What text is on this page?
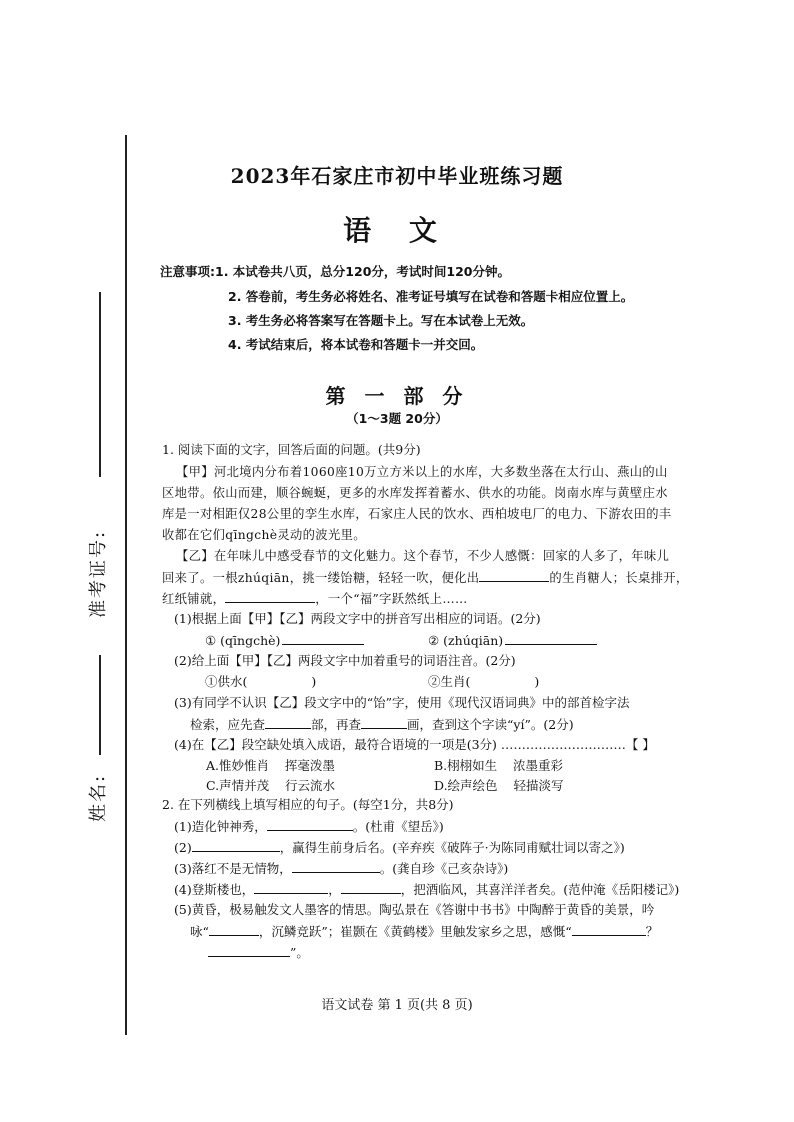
准考证号:
姓名:
2023年石家庄市初中毕业班练习题
语 文
注意事项:1. 本试卷共八页，总分120分，考试时间120分钟。
2. 答卷前，考生务必将姓名、准考证号填写在试卷和答题卡相应位置上。
3. 考生务必将答案写在答题卡上。写在本试卷上无效。
4. 考试结束后，将本试卷和答题卡一并交回。
第 一 部 分
（1～3题 20分）
1. 阅读下面的文字，回答后面的问题。(共9分)
【甲】河北境内分布着1060座10万立方米以上的水库，大多数坐落在太行山、燕山的山
区地带。依山而建，顺谷蜿蜒，更多的水库发挥着蓄水、供水的功能。岗南水库与黄壁庄水
库是一对相距仅28公里的孪生水库，石家庄人民的饮水、西柏坡电厂的电力、下游农田的丰
收都在它们qīngchè灵动的波光里。
【乙】在年味儿中感受春节的文化魅力。这个春节，不少人感慨：回家的人多了，年味儿
回来了。一根zhúqiān，挑一缕饴糖，轻轻一吹，便化出	的生肖糖人；长桌排开，
红纸铺就，	，一个“福”字跃然纸上……
(1)根据上面【甲】【乙】两段文字中的拼音写出相应的词语。(2分)
① (qīngchè)	② (zhúqiān)
(2)给上面【甲】【乙】两段文字中加着重号的词语注音。(2分)
①供水(	)	②生肖(	)
(3)有同学不认识【乙】段文字中的“饴”字，使用《现代汉语词典》中的部首检字法
检索，应先查	部，再查	画，查到这个字读“yí”。(2分)
(4)在【乙】段空缺处填入成语，最符合语境的一项是(3分) …………………………【 】
A.惟妙惟肖    挥毫泼墨	B.栩栩如生    浓墨重彩
C.声情并茂    行云流水	D.绘声绘色    轻描淡写
2. 在下列横线上填写相应的句子。(每空1分，共8分)
(1)造化钟神秀，	。(杜甫《望岳》)
(2)	，赢得生前身后名。(辛弃疾《破阵子·为陈同甫赋壮词以寄之》)
(3)落红不是无情物，	。(龚自珍《己亥杂诗》)
(4)登斯楼也，	，	，把酒临风，其喜洋洋者矣。(范仲淹《岳阳楼记》)
(5)黄昏，极易触发文人墨客的情思。陶弘景在《答谢中书书》中陶醉于黄昏的美景，吟
咏“	，沉鳞竞跃”；崔颢在《黄鹤楼》里触发家乡之思，感慨“	？
”。
语文试卷 第 1 页(共 8 页)
